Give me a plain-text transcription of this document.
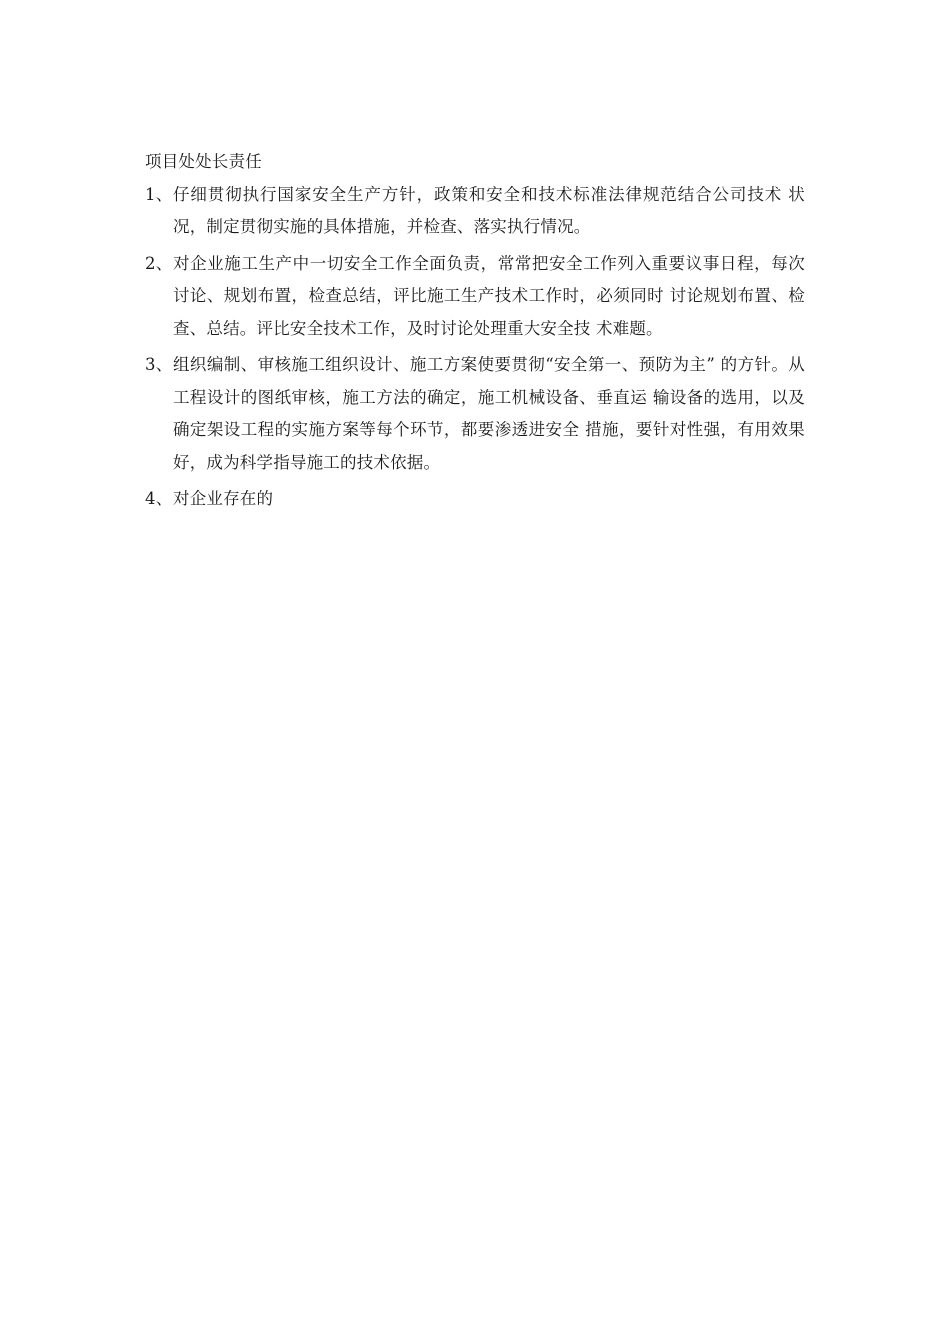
项目处处长责任

1、 仔细贯彻执行国家安全生产方针，政策和安全和技术标准法律规范结合公司技术 状况，制定贯彻实施的具体措施，并检查、落实执行情况。
2、 对企业施工生产中一切安全工作全面负责，常常把安全工作列入重要议事日程，每次讨论、规划布置，检查总结，评比施工生产技术工作时，必须同时 讨论规划布置、检查、总结。评比安全技术工作，及时讨论处理重大安全技 术难题。
3、 组织编制、审核施工组织设计、施工方案使要贯彻“安全第一、预防为主” 的方针。从工程设计的图纸审核，施工方法的确定，施工机械设备、垂直运 输设备的选用，以及确定架设工程的实施方案等每个环节，都要渗透进安全 措施，要针对性强，有用效果好，成为科学指导施工的技术依据。
4、 对企业存在的
